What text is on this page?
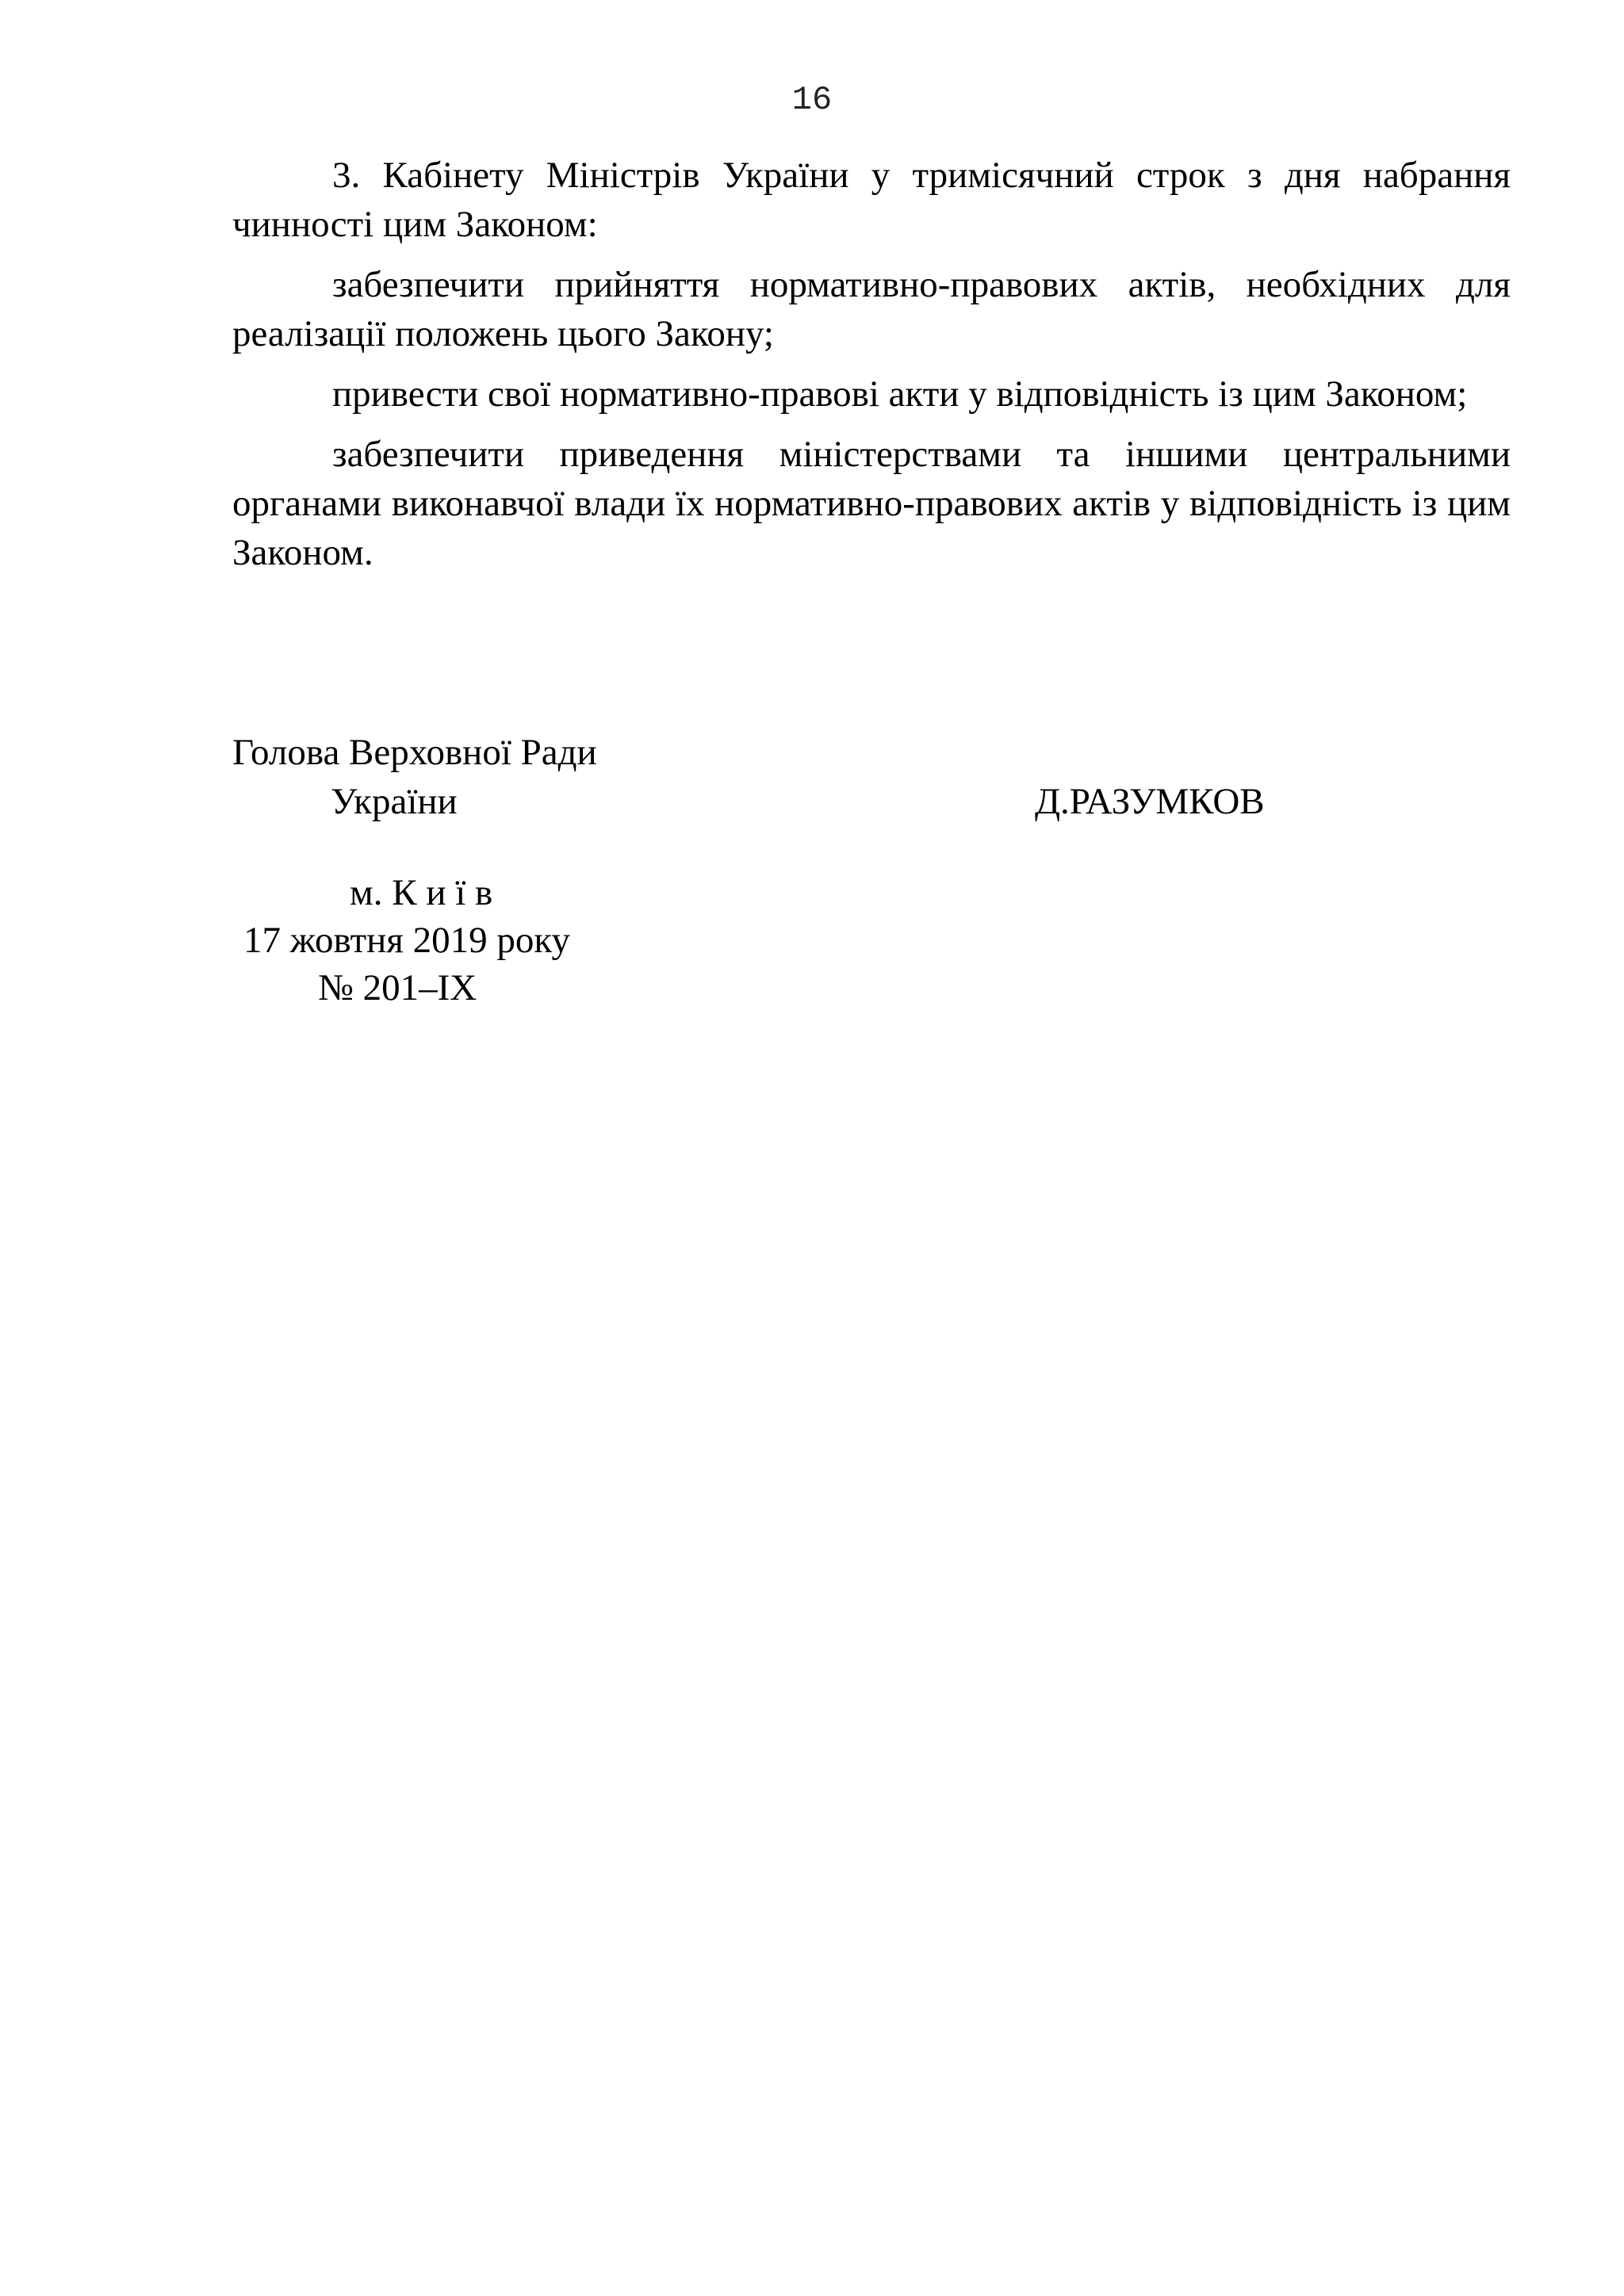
16

3. Кабінету Міністрів України у тримісячний строк з дня набрання чинності цим Законом:

забезпечити прийняття нормативно-правових актів, необхідних для реалізації положень цього Закону;

привести свої нормативно-правові акти у відповідність із цим Законом;

забезпечити приведення міністерствами та іншими центральними органами виконавчої влади їх нормативно-правових актів у відповідність із цим Законом.

Голова Верховної Ради
України	Д.РАЗУМКОВ
м. К и ї в
17 жовтня 2019 року
№ 201–IX
